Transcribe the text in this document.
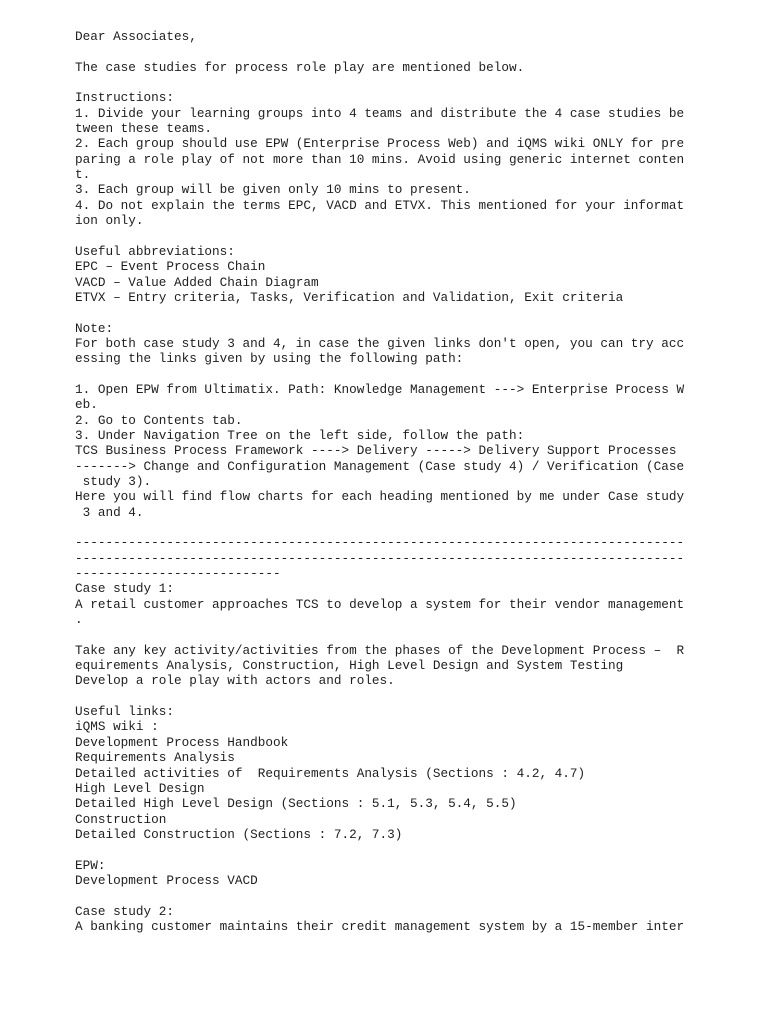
Dear Associates,
The case studies for process role play are mentioned below.
Instructions:
1. Divide your learning groups into 4 teams and distribute the 4 case studies be
tween these teams.
2. Each group should use EPW (Enterprise Process Web) and iQMS wiki ONLY for pre
paring a role play of not more than 10 mins. Avoid using generic internet conten
t.
3. Each group will be given only 10 mins to present.
4. Do not explain the terms EPC, VACD and ETVX. This mentioned for your informat
ion only.
Useful abbreviations:
EPC – Event Process Chain
VACD – Value Added Chain Diagram
ETVX – Entry criteria, Tasks, Verification and Validation, Exit criteria
Note:
For both case study 3 and 4, in case the given links don't open, you can try acc
essing the links given by using the following path:
1. Open EPW from Ultimatix. Path: Knowledge Management ---> Enterprise Process W
eb.
2. Go to Contents tab.
3. Under Navigation Tree on the left side, follow the path:
TCS Business Process Framework ----> Delivery -----> Delivery Support Processes
-------> Change and Configuration Management (Case study 4) / Verification (Case
study 3).
Here you will find flow charts for each heading mentioned by me under Case study
3 and 4.
--------------------------------------------------------------------------------
--------------------------------------------------------------------------------
---------------------------
Case study 1:
A retail customer approaches TCS to develop a system for their vendor management
.
Take any key activity/activities from the phases of the Development Process –  R
equirements Analysis, Construction, High Level Design and System Testing
Develop a role play with actors and roles.
Useful links:
iQMS wiki :
Development Process Handbook
Requirements Analysis
Detailed activities of  Requirements Analysis (Sections : 4.2, 4.7)
High Level Design
Detailed High Level Design (Sections : 5.1, 5.3, 5.4, 5.5)
Construction
Detailed Construction (Sections : 7.2, 7.3)
EPW:
Development Process VACD
Case study 2:
A banking customer maintains their credit management system by a 15-member inter
